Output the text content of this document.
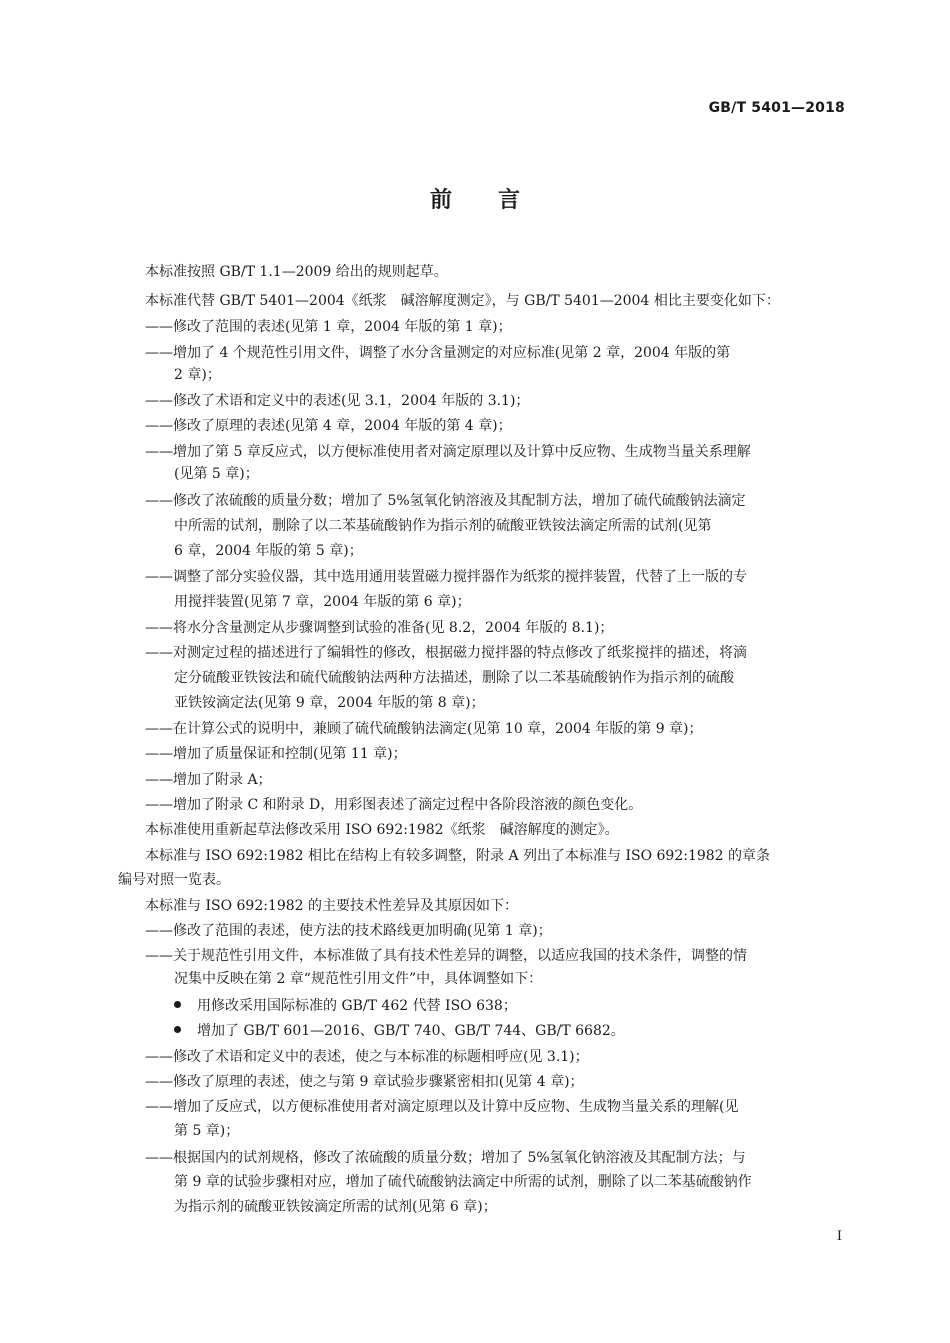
GB/T 5401—2018
前言
本标准按照 GB/T 1.1—2009 给出的规则起草。
本标准代替 GB/T 5401—2004《纸浆　碱溶解度测定》，与 GB/T 5401—2004 相比主要变化如下：
——修改了范围的表述(见第 1 章，2004 年版的第 1 章)；
——增加了 4 个规范性引用文件，调整了水分含量测定的对应标准(见第 2 章，2004 年版的第
2 章)；
——修改了术语和定义中的表述(见 3.1，2004 年版的 3.1)；
——修改了原理的表述(见第 4 章，2004 年版的第 4 章)；
——增加了第 5 章反应式，以方便标准使用者对滴定原理以及计算中反应物、生成物当量关系理解
(见第 5 章)；
——修改了浓硫酸的质量分数；增加了 5%氢氧化钠溶液及其配制方法，增加了硫代硫酸钠法滴定
中所需的试剂，删除了以二苯基硫酸钠作为指示剂的硫酸亚铁铵法滴定所需的试剂(见第
6 章，2004 年版的第 5 章)；
——调整了部分实验仪器，其中选用通用装置磁力搅拌器作为纸浆的搅拌装置，代替了上一版的专
用搅拌装置(见第 7 章，2004 年版的第 6 章)；
——将水分含量测定从步骤调整到试验的准备(见 8.2，2004 年版的 8.1)；
——对测定过程的描述进行了编辑性的修改，根据磁力搅拌器的特点修改了纸浆搅拌的描述，将滴
定分硫酸亚铁铵法和硫代硫酸钠法两种方法描述，删除了以二苯基硫酸钠作为指示剂的硫酸
亚铁铵滴定法(见第 9 章，2004 年版的第 8 章)；
——在计算公式的说明中，兼顾了硫代硫酸钠法滴定(见第 10 章，2004 年版的第 9 章)；
——增加了质量保证和控制(见第 11 章)；
——增加了附录 A；
——增加了附录 C 和附录 D，用彩图表述了滴定过程中各阶段溶液的颜色变化。
本标准使用重新起草法修改采用 ISO 692:1982《纸浆　碱溶解度的测定》。
本标准与 ISO 692:1982 相比在结构上有较多调整，附录 A 列出了本标准与 ISO 692:1982 的章条
编号对照一览表。
本标准与 ISO 692:1982 的主要技术性差异及其原因如下：
——修改了范围的表述，使方法的技术路线更加明确(见第 1 章)；
——关于规范性引用文件，本标准做了具有技术性差异的调整，以适应我国的技术条件，调整的情
况集中反映在第 2 章“规范性引用文件”中，具体调整如下：
用修改采用国际标准的 GB/T 462 代替 ISO 638；
增加了 GB/T 601—2016、GB/T 740、GB/T 744、GB/T 6682。
——修改了术语和定义中的表述，使之与本标准的标题相呼应(见 3.1)；
——修改了原理的表述，使之与第 9 章试验步骤紧密相扣(见第 4 章)；
——增加了反应式，以方便标准使用者对滴定原理以及计算中反应物、生成物当量关系的理解(见
第 5 章)；
——根据国内的试剂规格，修改了浓硫酸的质量分数；增加了 5%氢氧化钠溶液及其配制方法；与
第 9 章的试验步骤相对应，增加了硫代硫酸钠法滴定中所需的试剂，删除了以二苯基硫酸钠作
为指示剂的硫酸亚铁铵滴定所需的试剂(见第 6 章)；
I
